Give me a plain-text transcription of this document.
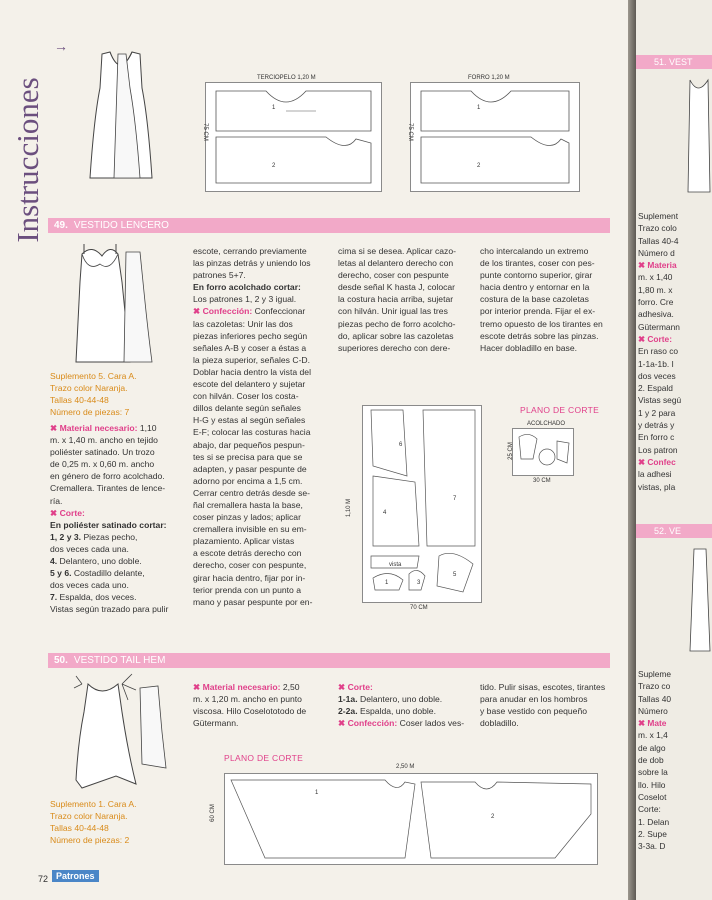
Instrucciones
→
TERCIOPELO 1,20 M
75 CM
1
2
FORRO 1,20 M
75 CM
1
2
49. VESTIDO LENCERO

Suplemento 5. Cara A.

Trazo color Naranja.

Tallas 40-44-48

Número de piezas: 7

✖ Material necesario: 1,10

m. x 1,40 m. ancho en tejido

poliéster satinado. Un trozo

de 0,25 m. x 0,60 m. ancho

en género de forro acolchado.

Cremallera. Tirantes de lence-

ría.

✖ Corte:

En poliéster satinado cortar:

1, 2 y 3. Piezas pecho,

dos veces cada una.

4. Delantero, uno doble.

5 y 6. Costadillo delante,

dos veces cada uno.

7. Espalda, dos veces.

Vistas según trazado para pulir

escote, cerrando previamente

las pinzas detrás y uniendo los

patrones 5+7.

En forro acolchado cortar:

Los patrones 1, 2 y 3 igual.

✖ Confección: Confeccionar

las cazoletas: Unir las dos

piezas inferiores pecho según

señales A-B y coser a éstas a

la pieza superior, señales C-D.

Doblar hacia dentro la vista del

escote del delantero y sujetar

con hilván. Coser los costa-

dillos delante según señales

H-G y estas al según señales

E-F; colocar las costuras hacia

abajo, dar pequeños pespun-

tes si se precisa para que se

adapten, y pasar pespunte de

adorno por encima a 1,5 cm.

Cerrar centro detrás desde se-

ñal cremallera hasta la base,

coser pinzas y lados; aplicar

cremallera invisible en su em-

plazamiento. Aplicar vistas

a escote detrás derecho con

derecho, coser con pespunte,

girar hacia dentro, fijar por in-

terior prenda con un punto a

mano y pasar pespunte por en-

cima si se desea. Aplicar cazo-

letas al delantero derecho con

derecho, coser con pespunte

desde señal K hasta J, colocar

la costura hacia arriba, sujetar

con hilván. Unir igual las tres

piezas pecho de forro acolcho-

do, aplicar sobre las cazoletas

superiores derecho con dere-

cho intercalando un extremo

de los tirantes, coser con pes-

punte contorno superior, girar

hacia dentro y entornar en la

costura de la base cazoletas

por interior prenda. Fijar el ex-

tremo opuesto de los tirantes en

escote detrás sobre las pinzas.

Hacer dobladillo en base.

PLANO DE CORTE
ACOLCHADO
25 CM
30 CM
6
4
7
vista
1	3
5
1,10 M
70 CM
50. VESTIDO TAIL HEM

Suplemento 1. Cara A.

Trazo color Naranja.

Tallas 40-44-48

Número de piezas: 2

✖ Material necesario: 2,50

m. x 1,20 m. ancho en punto

viscosa. Hilo Coselototodo de

Gütermann.

✖ Corte:

1-1a. Delantero, uno doble.

2-2a. Espalda, uno doble.

✖ Confección: Coser lados ves-

tido. Pulir sisas, escotes, tirantes

para anudar en los hombros

y base vestido con pequeño

dobladillo.

PLANO DE CORTE
2,50 M
1
2
60 CM
72 Patrones
51. VEST

Suplement

Trazo colo

Tallas 40-4

Número d

✖ Materia

m. x 1,40

1,80 m. x

forro. Cre

adhesiva.

Gütermann

✖ Corte:

En raso co

1-1a-1b. I

dos veces

2. Espald

Vistas segú

1 y 2 para

y detrás y

En forro c

Los patron

✖ Confec

la adhesi

vistas, pla

52. VE

Supleme

Trazo co

Tallas 40

Número

✖ Mate

m. x 1,4

de algo

de dob

sobre la

llo. Hilo

Coselot

Corte:

1. Delan

2. Supe

3-3a. D
